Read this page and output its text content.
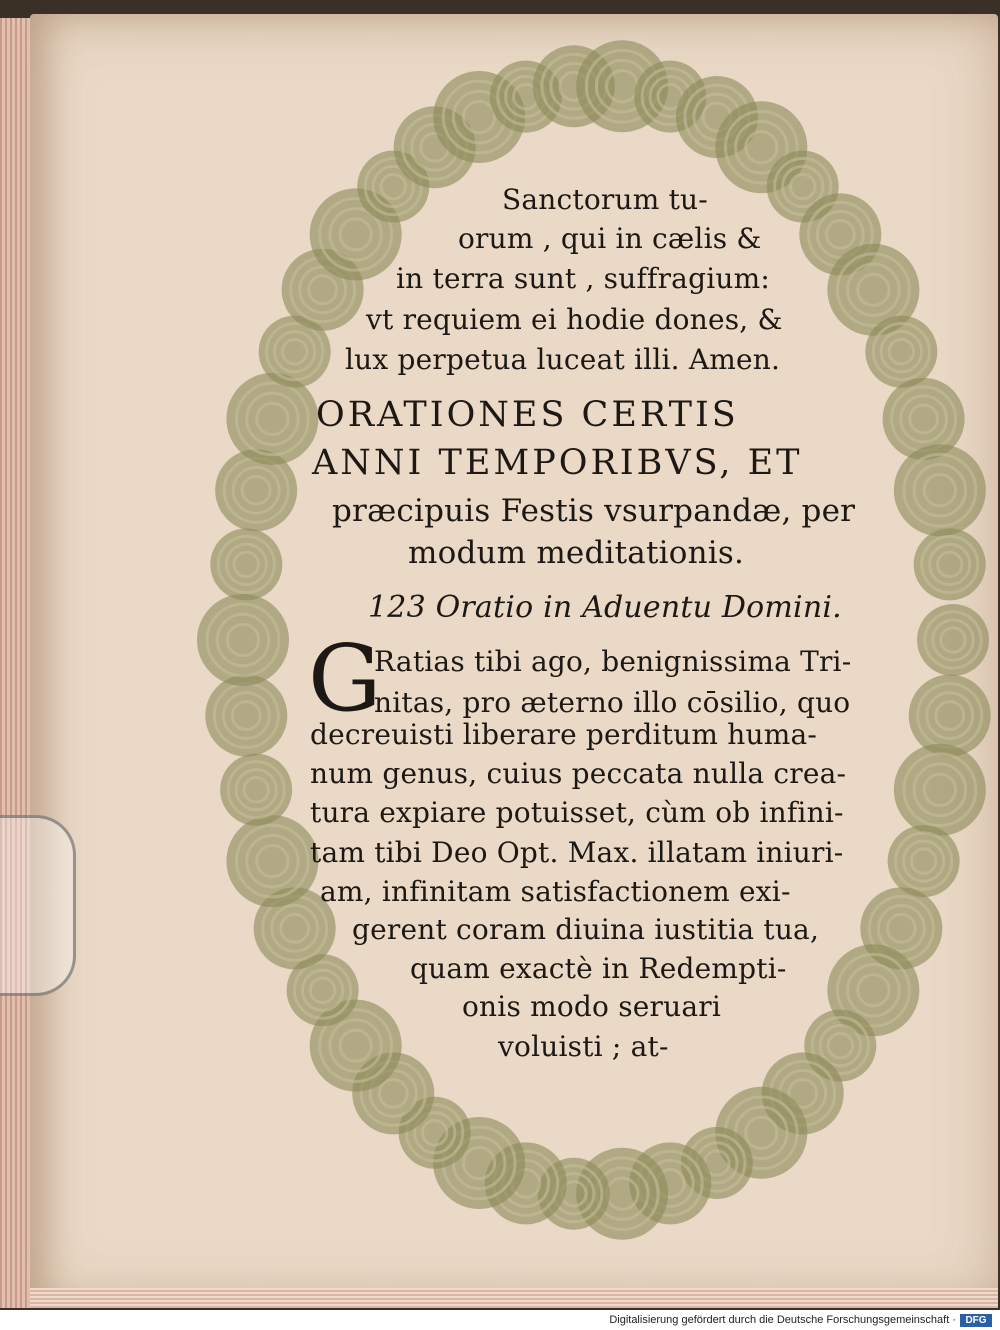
Sanctorum tu-
orum , qui in cælis &
in terra sunt , suffragium:
vt requiem ei hodie dones, &
lux perpetua luceat illi. Amen.
ORATIONES CERTIS
ANNI TEMPORIBVS, ET
præcipuis Festis vsurpandæ, per
modum meditationis.
123 Oratio in Aduentu Domini.
G
Ratias tibi ago, benignissima Tri-
nitas, pro æterno illo cōsilio, quo
decreuisti liberare perditum huma-
num genus, cuius peccata nulla crea-
tura expiare potuisset, cùm ob infini-
tam tibi Deo Opt. Max. illatam iniuri-
am, infinitam satisfactionem exi-
gerent coram diuina iustitia tua,
quam exactè in Redempti-
onis modo seruari
voluisti ; at-
Digitalisierung gefördert durch die Deutsche Forschungsgemeinschaft · DFG
